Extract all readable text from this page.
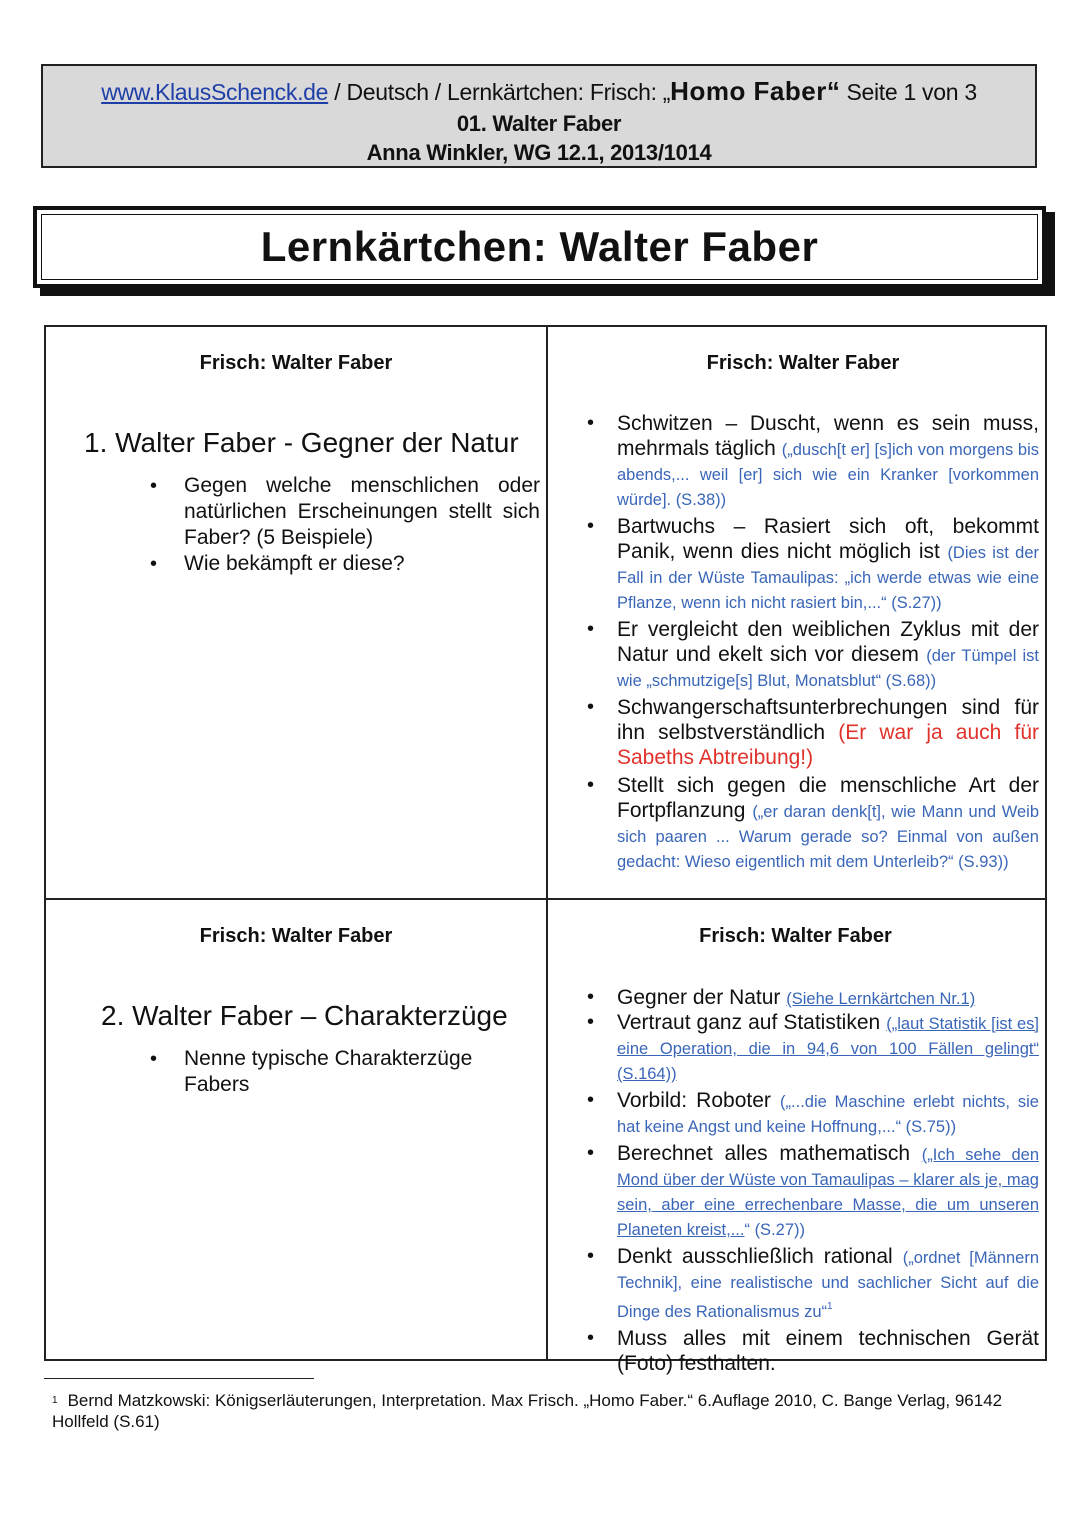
www.KlausSchenck.de / Deutsch / Lernkärtchen: Frisch: „Homo Faber“ Seite 1 von 3
01. Walter Faber
Anna Winkler, WG 12.1, 2013/1014
Lernkärtchen: Walter Faber
Frisch: Walter Faber
1. Walter Faber - Gegner der Natur
• Gegen welche menschlichen oder natürlichen Erscheinungen stellt sich Faber? (5 Beispiele)
• Wie bekämpft er diese?
Frisch: Walter Faber
• Schwitzen – Duscht, wenn es sein muss, mehrmals täglich („dusch[t er] [s]ich von morgens bis abends,... weil [er] sich wie ein Kranker [vorkommen würde]. (S.38))
• Bartwuchs – Rasiert sich oft, bekommt Panik, wenn dies nicht möglich ist (Dies ist der Fall in der Wüste Tamaulipas: „ich werde etwas wie eine Pflanze, wenn ich nicht rasiert bin,...“ (S.27))
• Er vergleicht den weiblichen Zyklus mit der Natur und ekelt sich vor diesem (der Tümpel ist wie „schmutzige[s] Blut, Monatsblut“ (S.68))
• Schwangerschaftsunterbrechungen sind für ihn selbstverständlich (Er war ja auch für Sabeths Abtreibung!)
• Stellt sich gegen die menschliche Art der Fortpflanzung („er daran denk[t], wie Mann und Weib sich paaren ... Warum gerade so? Einmal von außen gedacht: Wieso eigentlich mit dem Unterleib?“ (S.93))
Frisch: Walter Faber
2. Walter Faber – Charakterzüge
• Nenne typische Charakterzüge Fabers
Frisch: Walter Faber
• Gegner der Natur (Siehe Lernkärtchen Nr.1)
• Vertraut ganz auf Statistiken („laut Statistik [ist es] eine Operation, die in 94,6 von 100 Fällen gelingt“ (S.164))
• Vorbild: Roboter („...die Maschine erlebt nichts, sie hat keine Angst und keine Hoffnung,...“ (S.75))
• Berechnet alles mathematisch („Ich sehe den Mond über der Wüste von Tamaulipas – klarer als je, mag sein, aber eine errechenbare Masse, die um unseren Planeten kreist,...“ (S.27))
• Denkt ausschließlich rational („ordnet [Männern Technik], eine realistische und sachlicher Sicht auf die Dinge des Rationalismus zu“$^1$
• Muss alles mit einem technischen Gerät (Foto) festhalten.
$^1$ Bernd Matzkowski: Königserläuterungen, Interpretation. Max Frisch. „Homo Faber.“ 6.Auflage 2010, C. Bange Verlag, 96142 Hollfeld (S.61)
